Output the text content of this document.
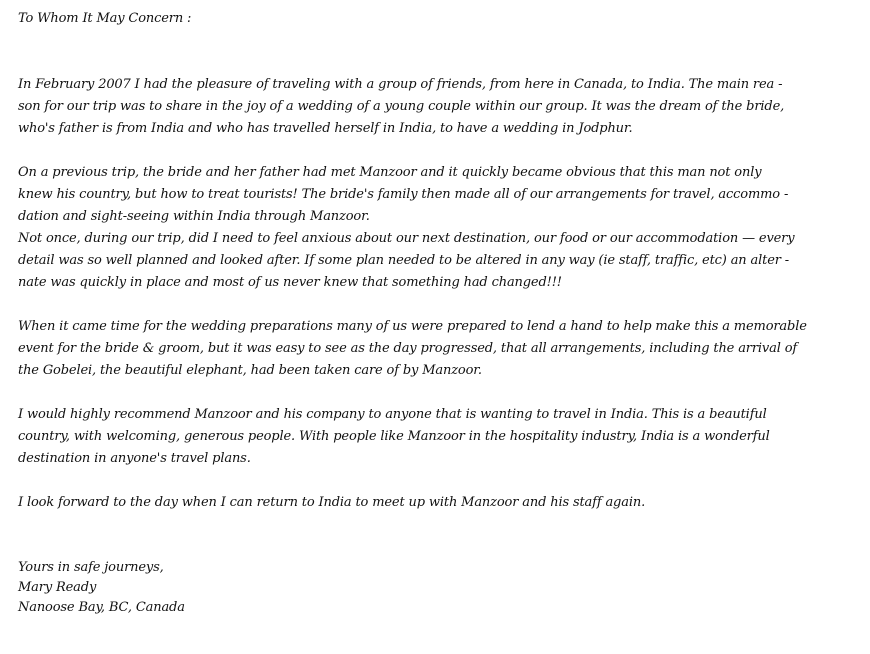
To Whom It May Concern :
In February 2007 I had the pleasure of traveling with a group of friends, from here in Canada, to India. The main rea -
son for our trip was to share in the joy of a wedding of a young couple within our group. It was the dream of the bride,
who's father is from India and who has travelled herself in India, to have a wedding in Jodphur.
On a previous trip, the bride and her father had met Manzoor and it quickly became obvious that this man not only
knew his country, but how to treat tourists! The bride's family then made all of our arrangements for travel, accommo -
dation and sight-seeing within India through Manzoor.
Not once, during our trip, did I need to feel anxious about our next destination, our food or our accommodation — every
detail was so well planned and looked after. If some plan needed to be altered in any way (ie staff, traffic, etc) an alter -
nate was quickly in place and most of us never knew that something had changed!!!
When it came time for the wedding preparations many of us were prepared to lend a hand to help make this a memorable
event for the bride & groom, but it was easy to see as the day progressed, that all arrangements, including the arrival of
the Gobelei, the beautiful elephant, had been taken care of by Manzoor.
I would highly recommend Manzoor and his company to anyone that is wanting to travel in India. This is a beautiful
country, with welcoming, generous people. With people like Manzoor in the hospitality industry, India is a wonderful
destination in anyone's travel plans.
I look forward to the day when I can return to India to meet up with Manzoor and his staff again.
Yours in safe journeys,
Mary Ready
Nanoose Bay, BC, Canada
